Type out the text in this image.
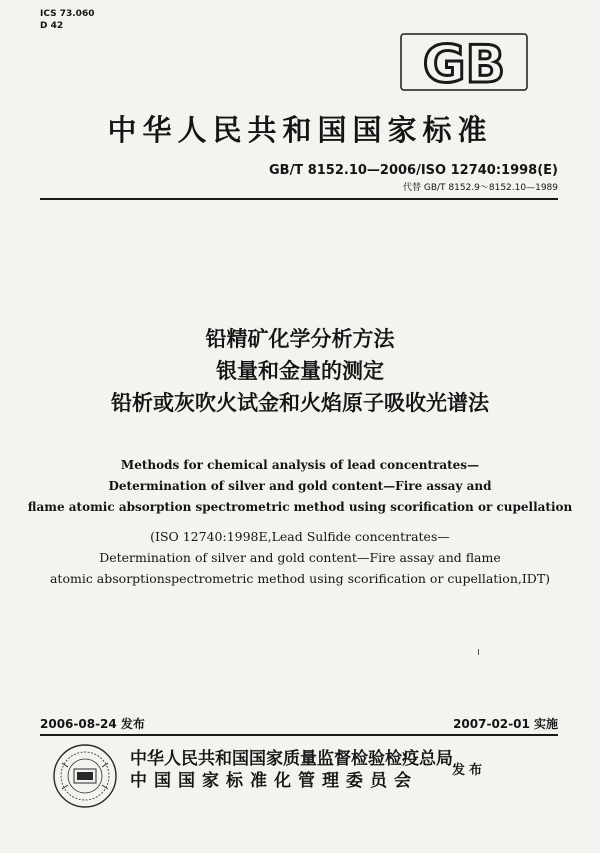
ICS 73.060
D 42
GB
中华人民共和国国家标准
GB/T 8152.10—2006/ISO 12740:1998(E)
代替 GB/T 8152.9～8152.10—1989
铅精矿化学分析方法
银量和金量的测定
铅析或灰吹火试金和火焰原子吸收光谱法
Methods for chemical analysis of lead concentrates—
Determination of silver and gold content—Fire assay and
flame atomic absorption spectrometric method using scorification or cupellation
(ISO 12740:1998E,Lead Sulfide concentrates—
Determination of silver and gold content—Fire assay and flame
atomic absorptionspectrometric method using scorification or cupellation,IDT)
2006-08-24 发布	2007-02-01 实施
中华人民共和国国家质量监督检验检疫总局
中国国家标准化管理委员会
发布
